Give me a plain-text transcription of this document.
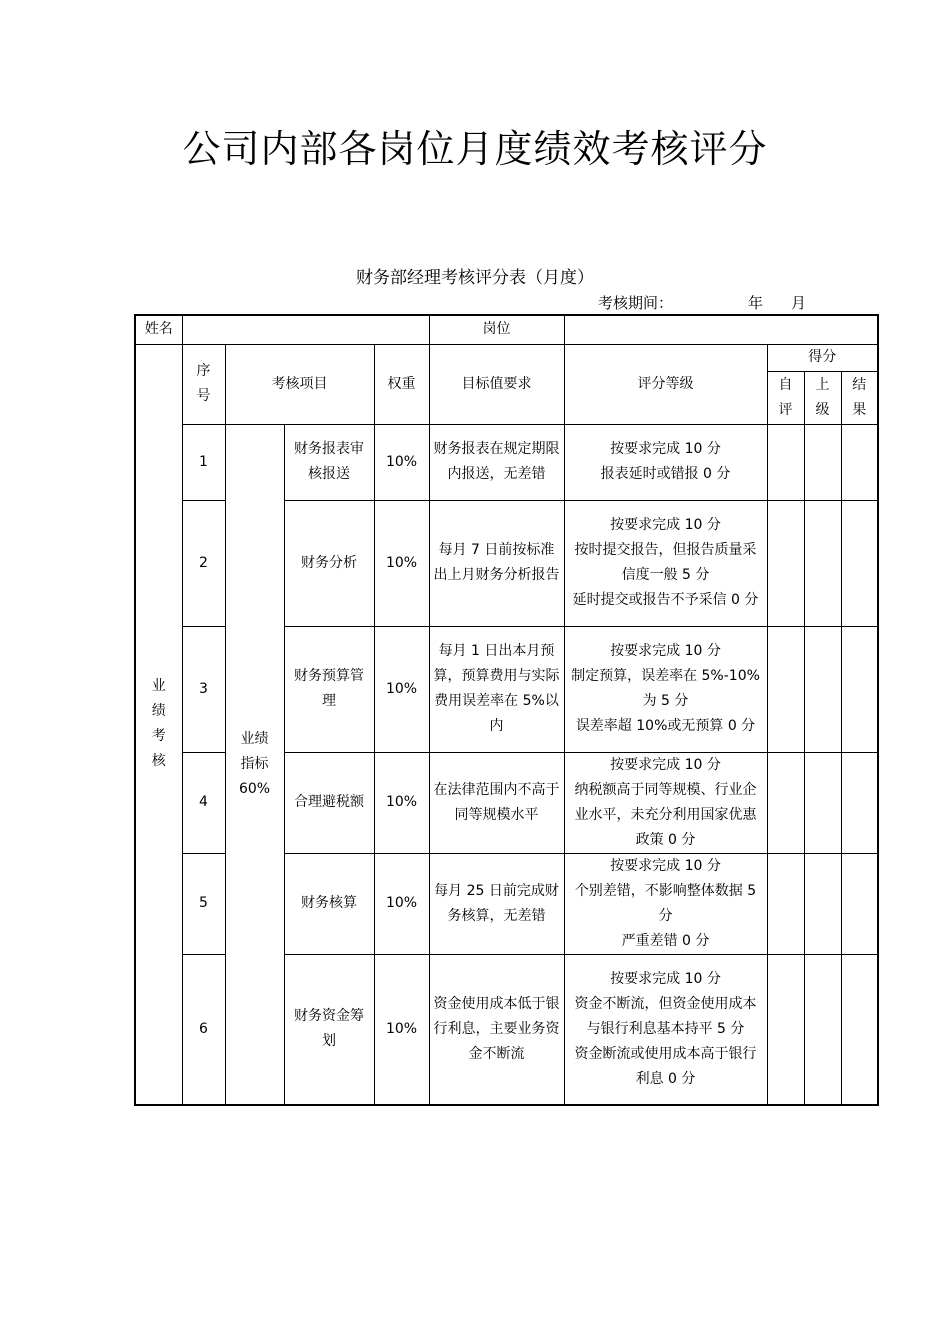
公司内部各岗位月度绩效考核评分
财务部经理考核评分表（月度）
考核期间：	年 月
姓名					岗位				
业绩考核	序号	考核项目		权重	目标值要求	评分等级	得分		
							自评	上级	结果
	1	业绩指标60%	财务报表审核报送	10%	财务报表在规定期限内报送，无差错	按要求完成 10 分
报表延时或错报 0 分			

	2		财务分析	10%	每月 7 日前按标准出上月财务分析报告	按要求完成 10 分
按时提交报告，但报告质量采信度一般 5 分
延时提交或报告不予采信 0 分			

	3		财务预算管理	10%	每月 1 日出本月预算，预算费用与实际费用误差率在 5%以内	按要求完成 10 分
制定预算，误差率在 5%-10%为 5 分
误差率超 10%或无预算 0 分			

	4		合理避税额	10%	在法律范围内不高于同等规模水平	按要求完成 10 分
纳税额高于同等规模、行业企业水平，未充分利用国家优惠政策 0 分			

	5		财务核算	10%	每月 25 日前完成财务核算，无差错	按要求完成 10 分
个别差错，不影响整体数据 5 分
严重差错 0 分			

	6		财务资金筹划	10%	资金使用成本低于银行利息，主要业务资金不断流	按要求完成 10 分
资金不断流，但资金使用成本与银行利息基本持平 5 分
资金断流或使用成本高于银行利息 0 分			
